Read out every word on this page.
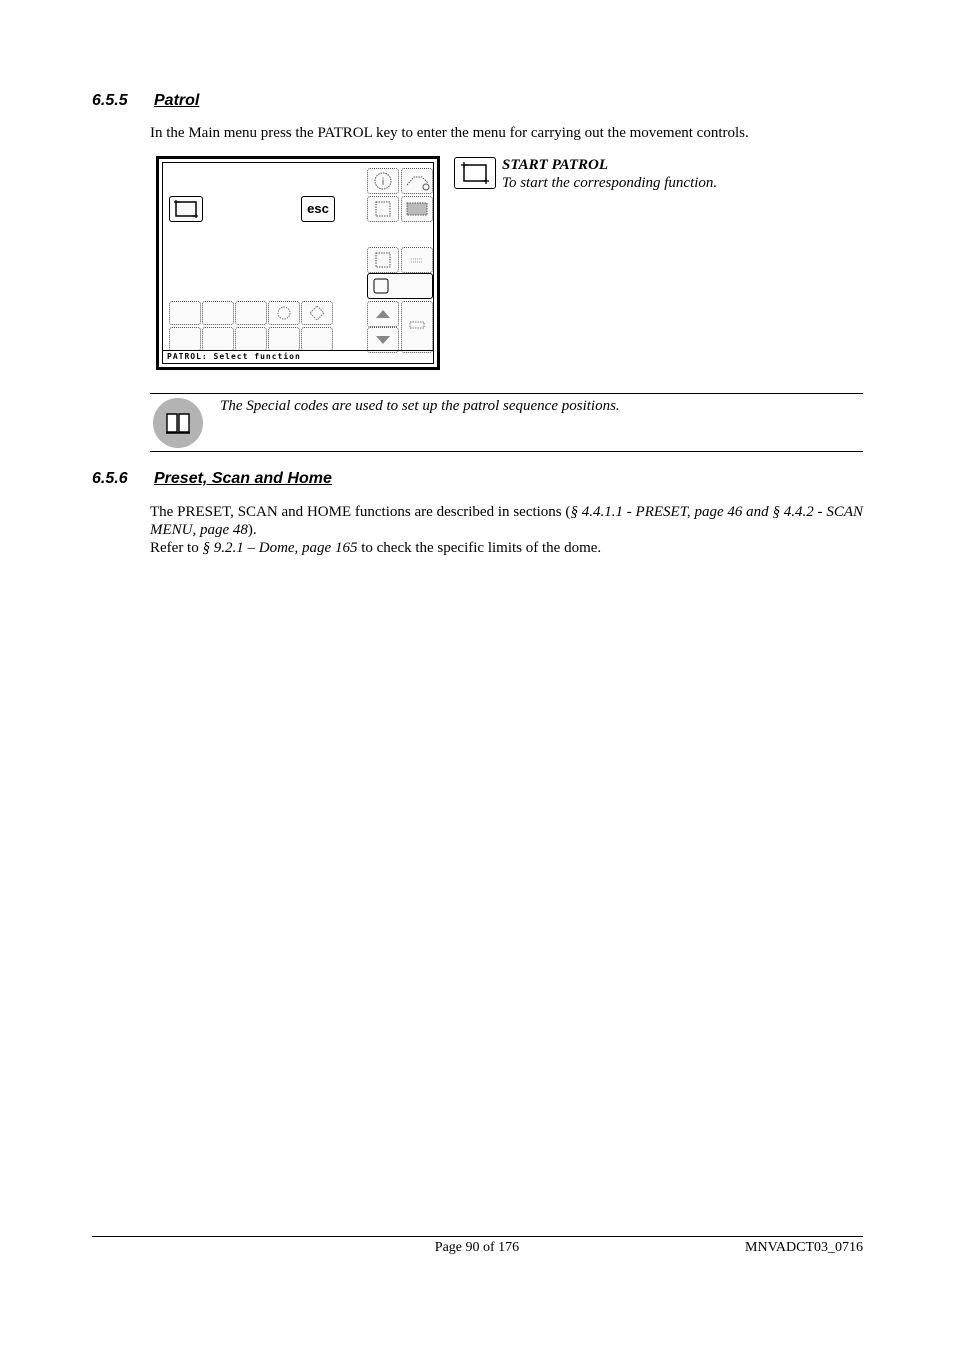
6.5.5 Patrol
In the Main menu press the PATROL key to enter the menu for carrying out the movement controls.
esc
i
PATROL: Select function
START PATROL
To start the corresponding function.
The Special codes are used to set up the patrol sequence positions.
6.5.6 Preset, Scan and Home
The PRESET, SCAN and HOME functions are described in sections (§ 4.4.1.1 - PRESET, page 46 and § 4.4.2 - SCAN MENU, page 48).
Refer to § 9.2.1 – Dome, page 165 to check the specific limits of the dome.
Page 90 of 176	MNVADCT03_0716
